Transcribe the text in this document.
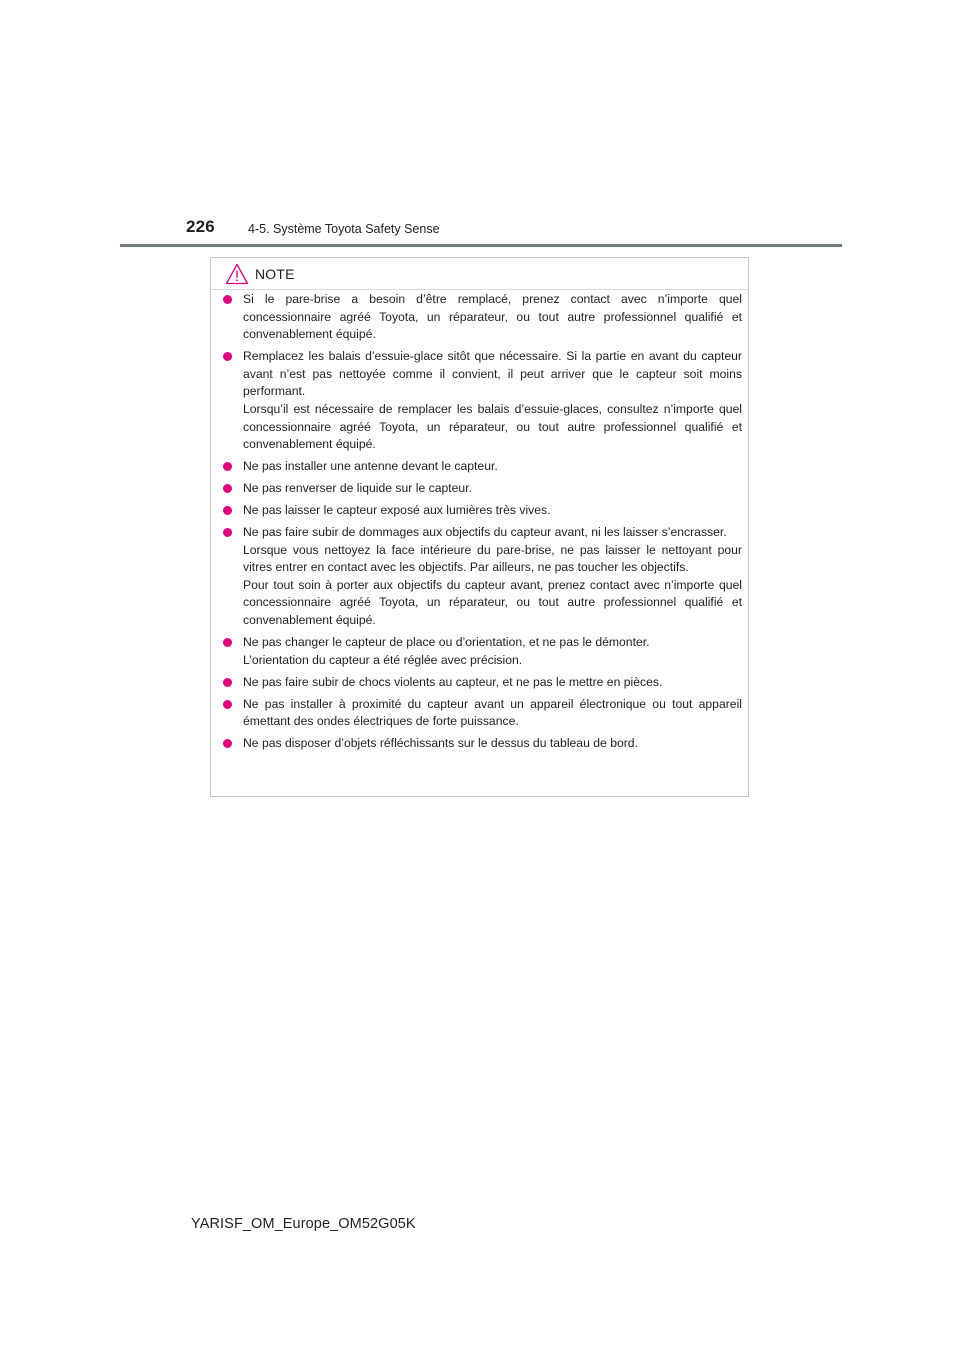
226	4-5. Système Toyota Safety Sense
NOTE

Si le pare-brise a besoin d’être remplacé, prenez contact avec n’importe quel concessionnaire agréé Toyota, un réparateur, ou tout autre professionnel qualifié et convenablement équipé.

Remplacez les balais d’essuie-glace sitôt que nécessaire. Si la partie en avant du capteur avant n’est pas nettoyée comme il convient, il peut arriver que le capteur soit moins performant.

Lorsqu’il est nécessaire de remplacer les balais d’essuie-glaces, consultez n’importe quel concessionnaire agréé Toyota, un réparateur, ou tout autre professionnel qualifié et convenablement équipé.

Ne pas installer une antenne devant le capteur.

Ne pas renverser de liquide sur le capteur.

Ne pas laisser le capteur exposé aux lumières très vives.

Ne pas faire subir de dommages aux objectifs du capteur avant, ni les laisser s’encrasser.

Lorsque vous nettoyez la face intérieure du pare-brise, ne pas laisser le nettoyant pour vitres entrer en contact avec les objectifs. Par ailleurs, ne pas toucher les objectifs.

Pour tout soin à porter aux objectifs du capteur avant, prenez contact avec n’importe quel concessionnaire agréé Toyota, un réparateur, ou tout autre professionnel qualifié et convenablement équipé.

Ne pas changer le capteur de place ou d’orientation, et ne pas le démonter.

L’orientation du capteur a été réglée avec précision.

Ne pas faire subir de chocs violents au capteur, et ne pas le mettre en pièces.

Ne pas installer à proximité du capteur avant un appareil électronique ou tout appareil émettant des ondes électriques de forte puissance.

Ne pas disposer d’objets réfléchissants sur le dessus du tableau de bord.

YARISF_OM_Europe_OM52G05K
